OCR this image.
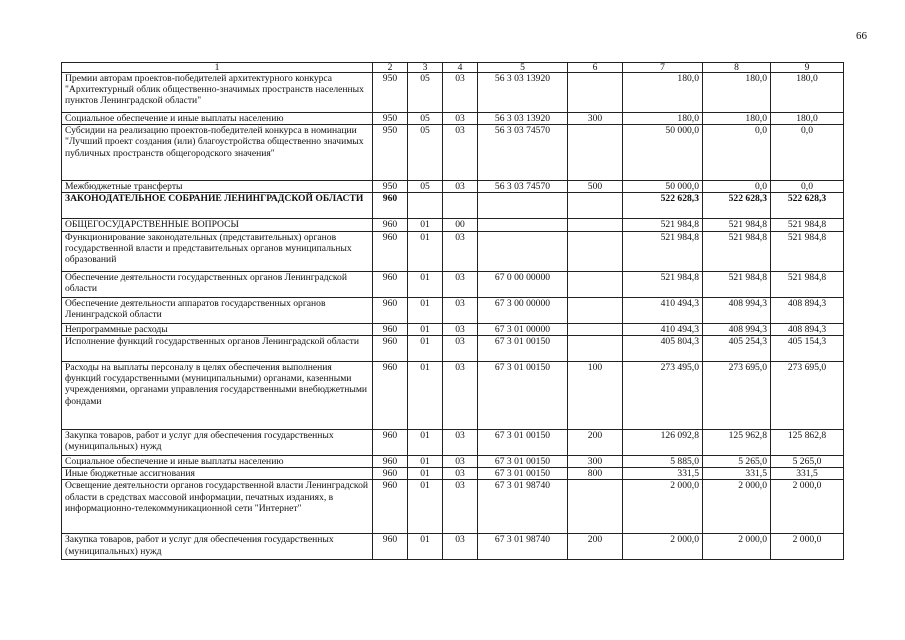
66
1	2	3	4	5	6	7	8	9
Премии авторам проектов-победителей архитектурного конкурса "Архитектурный облик общественно-значимых пространств населенных пунктов Ленинградской области"	950	05	03	56 3 03 13920		180,0	180,0	180,0
Социальное обеспечение и иные выплаты населению	950	05	03	56 3 03 13920	300	180,0	180,0	180,0
Субсидии на реализацию проектов-победителей конкурса в номинации "Лучший проект создания (или) благоустройства общественно значимых публичных пространств общегородского значения"	950	05	03	56 3 03 74570		50 000,0	0,0	0,0
Межбюджетные трансферты	950	05	03	56 3 03 74570	500	50 000,0	0,0	0,0
ЗАКОНОДАТЕЛЬНОЕ СОБРАНИЕ ЛЕНИНГРАДСКОЙ ОБЛАСТИ	960					522 628,3	522 628,3	522 628,3
ОБЩЕГОСУДАРСТВЕННЫЕ ВОПРОСЫ	960	01	00			521 984,8	521 984,8	521 984,8
Функционирование законодательных (представительных) органов государственной власти и представительных органов муниципальных образований	960	01	03			521 984,8	521 984,8	521 984,8
Обеспечение деятельности государственных органов Ленинградской области	960	01	03	67 0 00 00000		521 984,8	521 984,8	521 984,8
Обеспечение деятельности аппаратов государственных органов Ленинградской области	960	01	03	67 3 00 00000		410 494,3	408 994,3	408 894,3
Непрограммные расходы	960	01	03	67 3 01 00000		410 494,3	408 994,3	408 894,3
Исполнение функций государственных органов Ленинградской области	960	01	03	67 3 01 00150		405 804,3	405 254,3	405 154,3
Расходы на выплаты персоналу в целях обеспечения выполнения функций государственными (муниципальными) органами, казенными учреждениями, органами управления государственными внебюджетными фондами	960	01	03	67 3 01 00150	100	273 495,0	273 695,0	273 695,0
Закупка товаров, работ и услуг для обеспечения государственных (муниципальных) нужд	960	01	03	67 3 01 00150	200	126 092,8	125 962,8	125 862,8
Социальное обеспечение и иные выплаты населению	960	01	03	67 3 01 00150	300	5 885,0	5 265,0	5 265,0
Иные бюджетные ассигнования	960	01	03	67 3 01 00150	800	331,5	331,5	331,5
Освещение деятельности органов государственной власти Ленинградской области в средствах массовой информации, печатных изданиях, в информационно-телекоммуникационной сети "Интернет"	960	01	03	67 3 01 98740		2 000,0	2 000,0	2 000,0
Закупка товаров, работ и услуг для обеспечения государственных (муниципальных) нужд	960	01	03	67 3 01 98740	200	2 000,0	2 000,0	2 000,0
